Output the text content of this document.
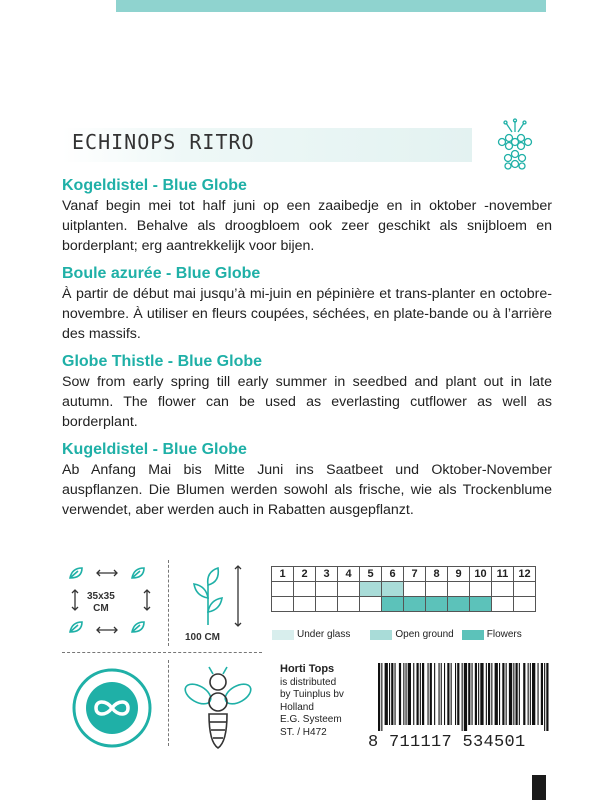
ECHINOPS RITRO
Kogeldistel - Blue Globe

Vanaf begin mei tot half juni op een zaaibedje en in oktober -november uitplanten. Behalve als droogbloem ook zeer geschikt als snijbloem en borderplant; erg aantrekkelijk voor bijen.

Boule azurée - Blue Globe

À partir de début mai jusqu’à mi-juin en pépinière et trans-planter en octobre-novembre. À utiliser en fleurs coupées, séchées, en plate-bande ou à l’arrière des massifs.

Globe Thistle - Blue Globe

Sow from early spring till early summer in seedbed and plant out in late autumn. The flower can be used as everlasting cutflower as well as borderplant.

Kugeldistel - Blue Globe

Ab Anfang Mai bis Mitte Juni ins Saatbeet und Oktober-November auspflanzen. Die Blumen werden sowohl als frische, wie als Trockenblume verwendet, aber werden auch in Rabatten ausgepflanzt.

35x35
CM
100 CM
1	2	3	4	5	6	7	8	9	10	11	12

Under glass	Open ground	Flowers
Horti Tops
is distributed
by Tuinplus bv
Holland
E.G. Systeem
ST. / H472
8 711117 534501
